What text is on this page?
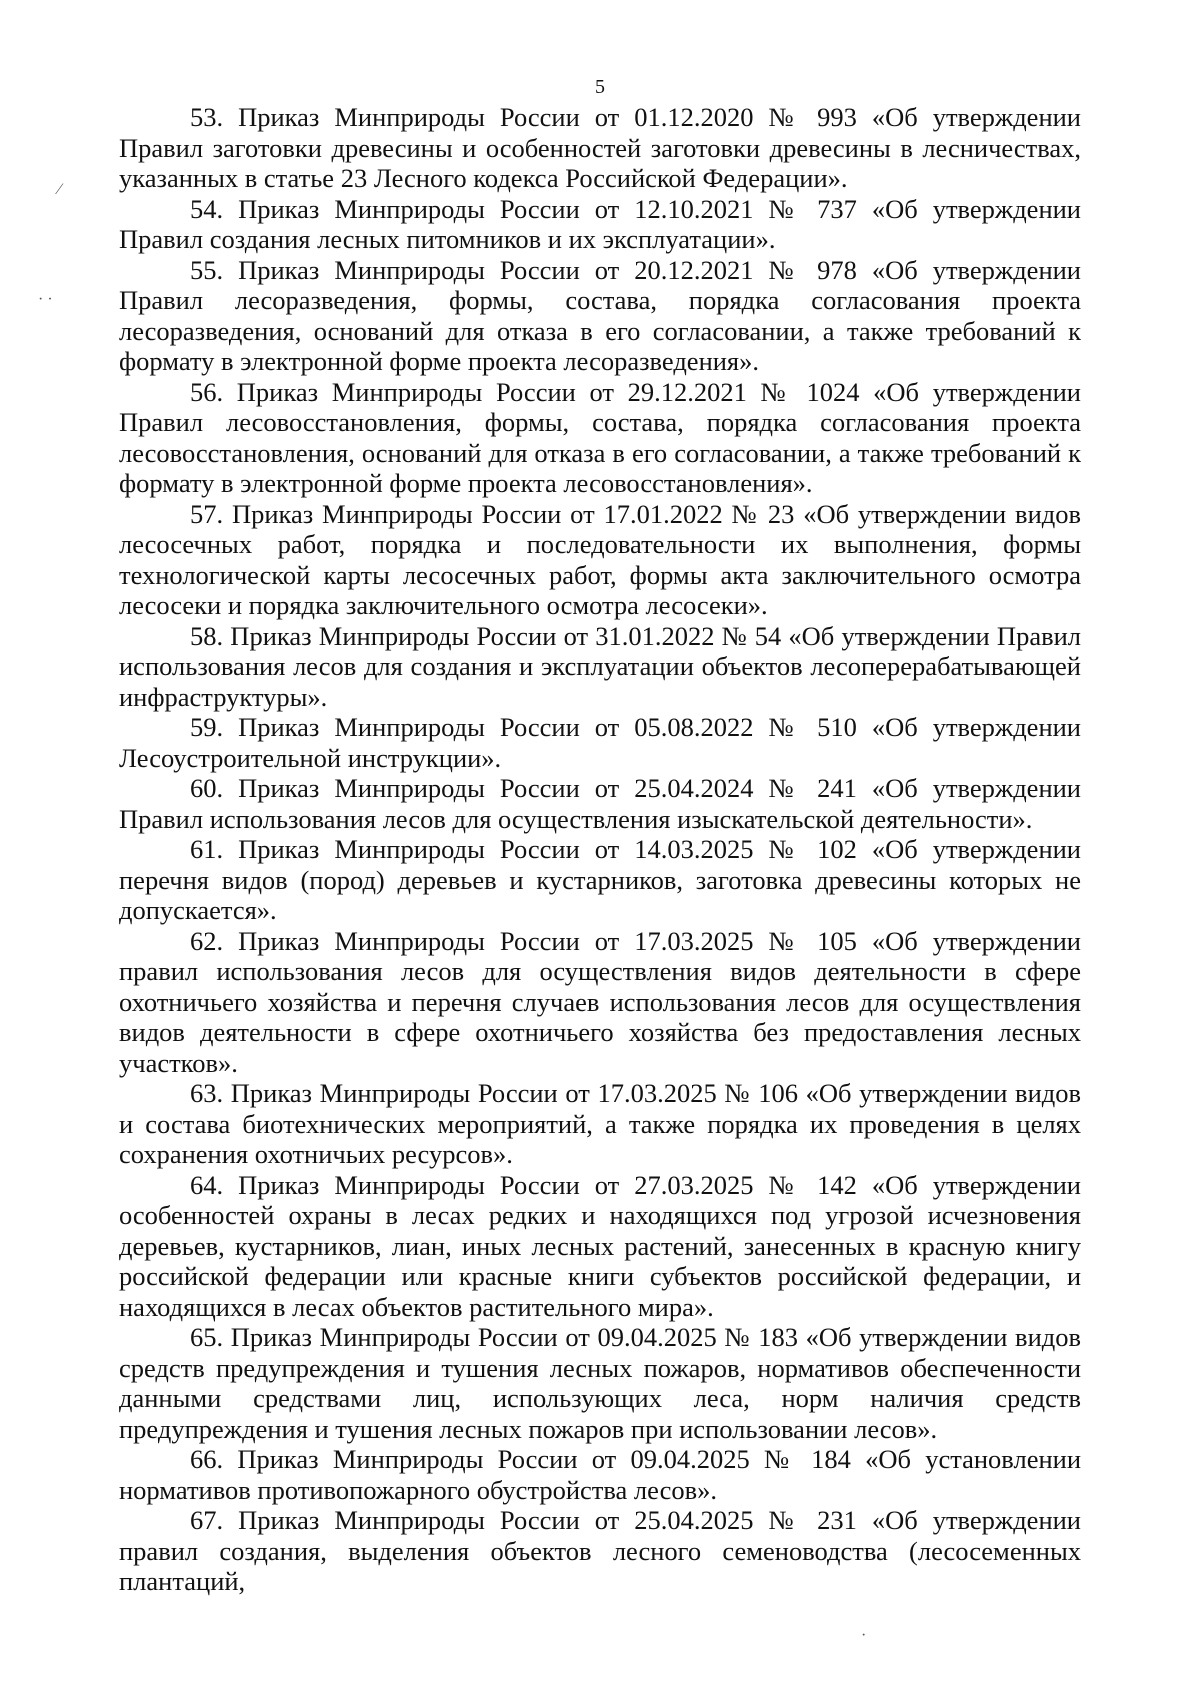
5
⁄
· ·
·

53. Приказ Минприроды России от 01.12.2020 № 993 «Об утверждении Правил заготовки древесины и особенностей заготовки древесины в лесничествах, указанных в статье 23 Лесного кодекса Российской Федерации».

54. Приказ Минприроды России от 12.10.2021 № 737 «Об утверждении Правил создания лесных питомников и их эксплуатации».

55. Приказ Минприроды России от 20.12.2021 № 978 «Об утверждении Правил лесоразведения, формы, состава, порядка согласования проекта лесоразведения, оснований для отказа в его согласовании, а также требований к формату в электронной форме проекта лесоразведения».

56. Приказ Минприроды России от 29.12.2021 № 1024 «Об утверждении Правил лесовосстановления, формы, состава, порядка согласования проекта лесовосстановления, оснований для отказа в его согласовании, а также требований к формату в электронной форме проекта лесовосстановления».

57. Приказ Минприроды России от 17.01.2022 № 23 «Об утверждении видов лесосечных работ, порядка и последовательности их выполнения, формы технологической карты лесосечных работ, формы акта заключительного осмотра лесосеки и порядка заключительного осмотра лесосеки».

58. Приказ Минприроды России от 31.01.2022 № 54 «Об утверждении Правил использования лесов для создания и эксплуатации объектов лесоперерабатывающей инфраструктуры».

59. Приказ Минприроды России от 05.08.2022 № 510 «Об утверждении Лесоустроительной инструкции».

60. Приказ Минприроды России от 25.04.2024 № 241 «Об утверждении Правил использования лесов для осуществления изыскательской деятельности».

61. Приказ Минприроды России от 14.03.2025 № 102 «Об утверждении перечня видов (пород) деревьев и кустарников, заготовка древесины которых не допускается».

62. Приказ Минприроды России от 17.03.2025 № 105 «Об утверждении правил использования лесов для осуществления видов деятельности в сфере охотничьего хозяйства и перечня случаев использования лесов для осуществления видов деятельности в сфере охотничьего хозяйства без предоставления лесных участков».

63. Приказ Минприроды России от 17.03.2025 № 106 «Об утверждении видов и состава биотехнических мероприятий, а также порядка их проведения в целях сохранения охотничьих ресурсов».

64. Приказ Минприроды России от 27.03.2025 № 142 «Об утверждении особенностей охраны в лесах редких и находящихся под угрозой исчезновения деревьев, кустарников, лиан, иных лесных растений, занесенных в красную книгу российской федерации или красные книги субъектов российской федерации, и находящихся в лесах объектов растительного мира».

65. Приказ Минприроды России от 09.04.2025 № 183 «Об утверждении видов средств предупреждения и тушения лесных пожаров, нормативов обеспеченности данными средствами лиц, использующих леса, норм наличия средств предупреждения и тушения лесных пожаров при использовании лесов».

66. Приказ Минприроды России от 09.04.2025 № 184 «Об установлении нормативов противопожарного обустройства лесов».

67. Приказ Минприроды России от 25.04.2025 № 231 «Об утверждении правил создания, выделения объектов лесного семеноводства (лесосеменных плантаций,
